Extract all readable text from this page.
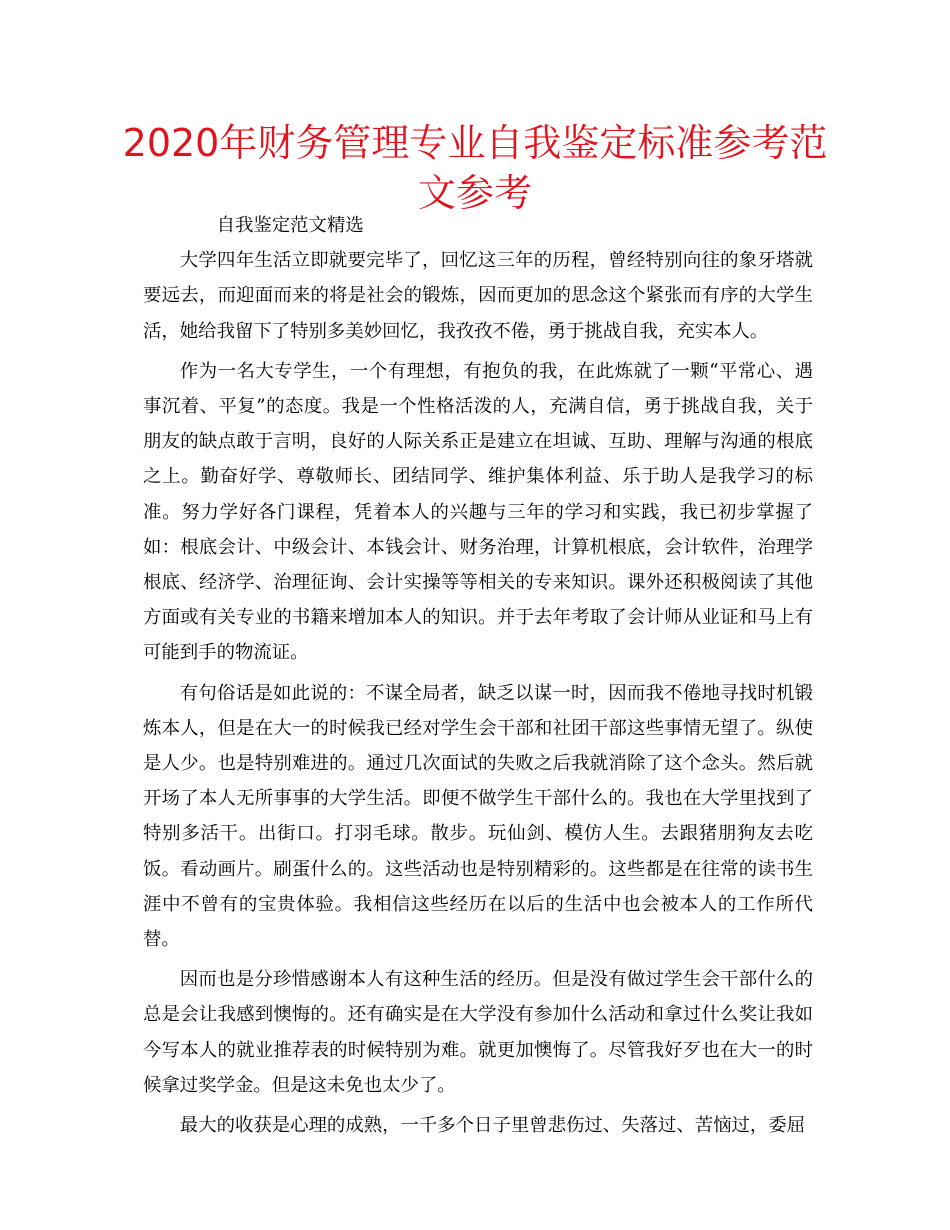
2020年财务管理专业自我鉴定标准参考范文参考

自我鉴定范文精选

大学四年生活立即就要完毕了，回忆这三年的历程，曾经特别向往的象牙塔就要远去，而迎面而来的将是社会的锻炼，因而更加的思念这个紧张而有序的大学生活，她给我留下了特别多美妙回忆，我孜孜不倦，勇于挑战自我，充实本人。

作为一名大专学生，一个有理想，有抱负的我，在此炼就了一颗“平常心、遇事沉着、平复”的态度。我是一个性格活泼的人，充满自信，勇于挑战自我，关于朋友的缺点敢于言明，良好的人际关系正是建立在坦诚、互助、理解与沟通的根底之上。勤奋好学、尊敬师长、团结同学、维护集体利益、乐于助人是我学习的标准。努力学好各门课程，凭着本人的兴趣与三年的学习和实践，我已初步掌握了如：根底会计、中级会计、本钱会计、财务治理，计算机根底，会计软件，治理学根底、经济学、治理征询、会计实操等等相关的专来知识。课外还积极阅读了其他方面或有关专业的书籍来增加本人的知识。并于去年考取了会计师从业证和马上有可能到手的物流证。

有句俗话是如此说的：不谋全局者，缺乏以谋一时，因而我不倦地寻找时机锻炼本人，但是在大一的时候我已经对学生会干部和社团干部这些事情无望了。纵使是人少。也是特别难进的。通过几次面试的失败之后我就消除了这个念头。然后就开场了本人无所事事的大学生活。即便不做学生干部什么的。我也在大学里找到了特别多活干。出街口。打羽毛球。散步。玩仙剑、模仿人生。去跟猪朋狗友去吃饭。看动画片。刷蛋什么的。这些活动也是特别精彩的。这些都是在往常的读书生涯中不曾有的宝贵体验。我相信这些经历在以后的生活中也会被本人的工作所代替。

因而也是分珍惜感谢本人有这种生活的经历。但是没有做过学生会干部什么的总是会让我感到懊悔的。还有确实是在大学没有参加什么活动和拿过什么奖让我如今写本人的就业推荐表的时候特别为难。就更加懊悔了。尽管我好歹也在大一的时候拿过奖学金。但是这未免也太少了。

最大的收获是心理的成熟，一千多个日子里曾悲伤过、失落过、苦恼过，委屈
